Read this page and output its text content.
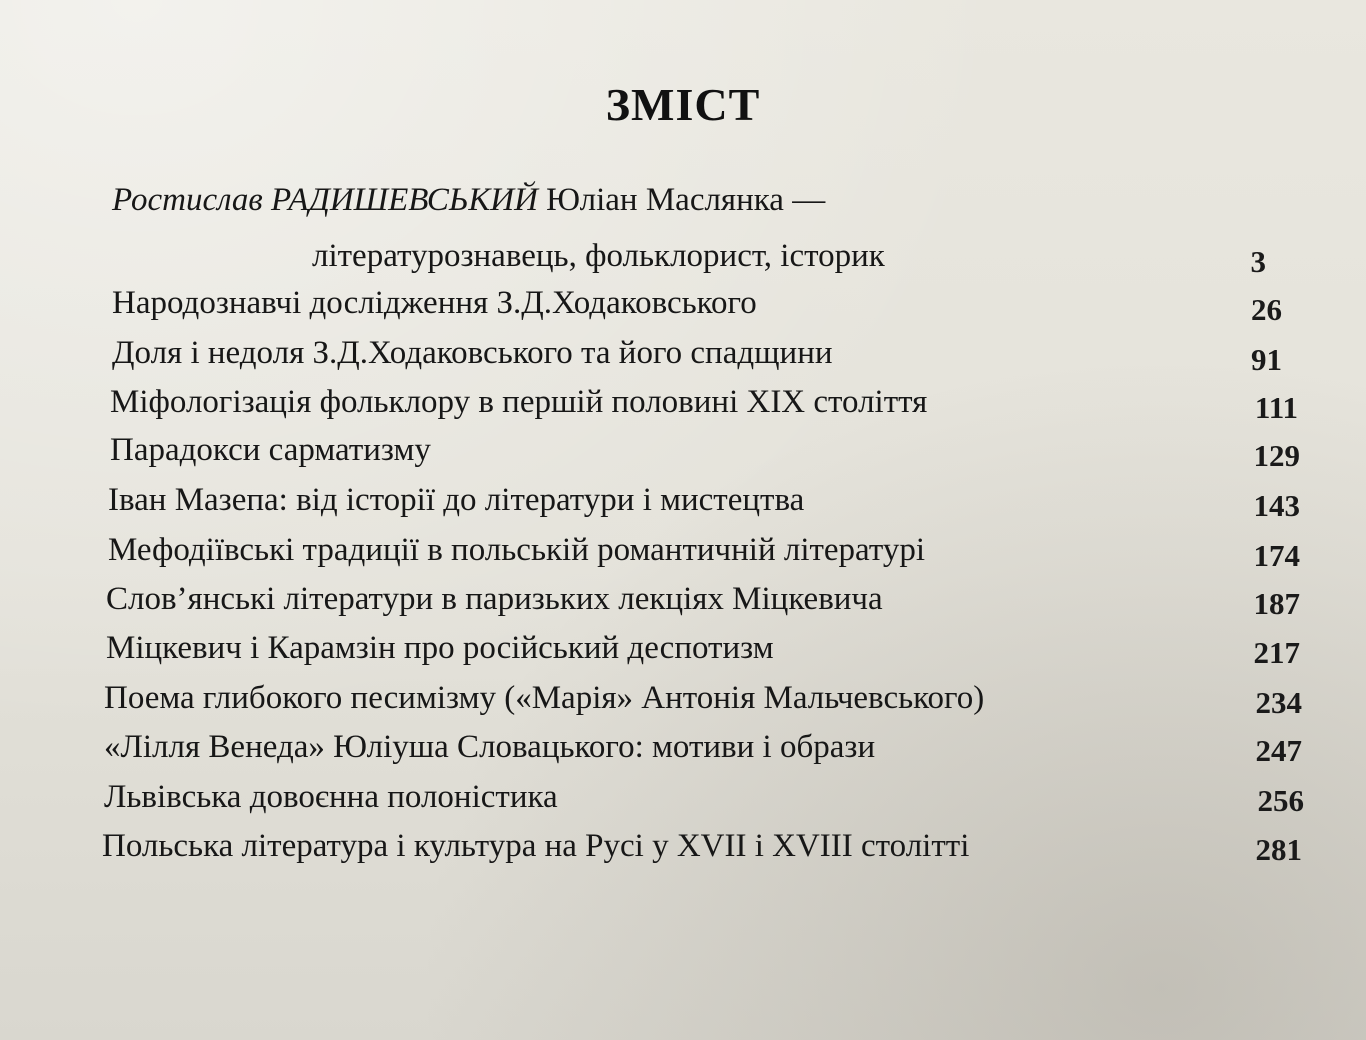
ЗМІСТ
Ростислав РАДИШЕВСЬКИЙ Юліан Маслянка —
літературознавець, фольклорист, історик	3
Народознавчі дослідження З.Д.Ходаковського	26
Доля і недоля З.Д.Ходаковського та його спадщини	91
Міфологізація фольклору в першій половині XIX століття	111
Парадокси сарматизму	129
Іван Мазепа: від історії до літератури і мистецтва	143
Мефодіївські традиції в польській романтичній літературі	174
Слов’янські літератури в паризьких лекціях Міцкевича	187
Міцкевич і Карамзін про російський деспотизм	217
Поема глибокого песимізму («Марія» Антонія Мальчевського)	234
«Лілля Венеда» Юліуша Словацького: мотиви і образи	247
Львівська довоєнна полоністика	256
Польська література і культура на Русі у XVII і XVIII столітті	281
